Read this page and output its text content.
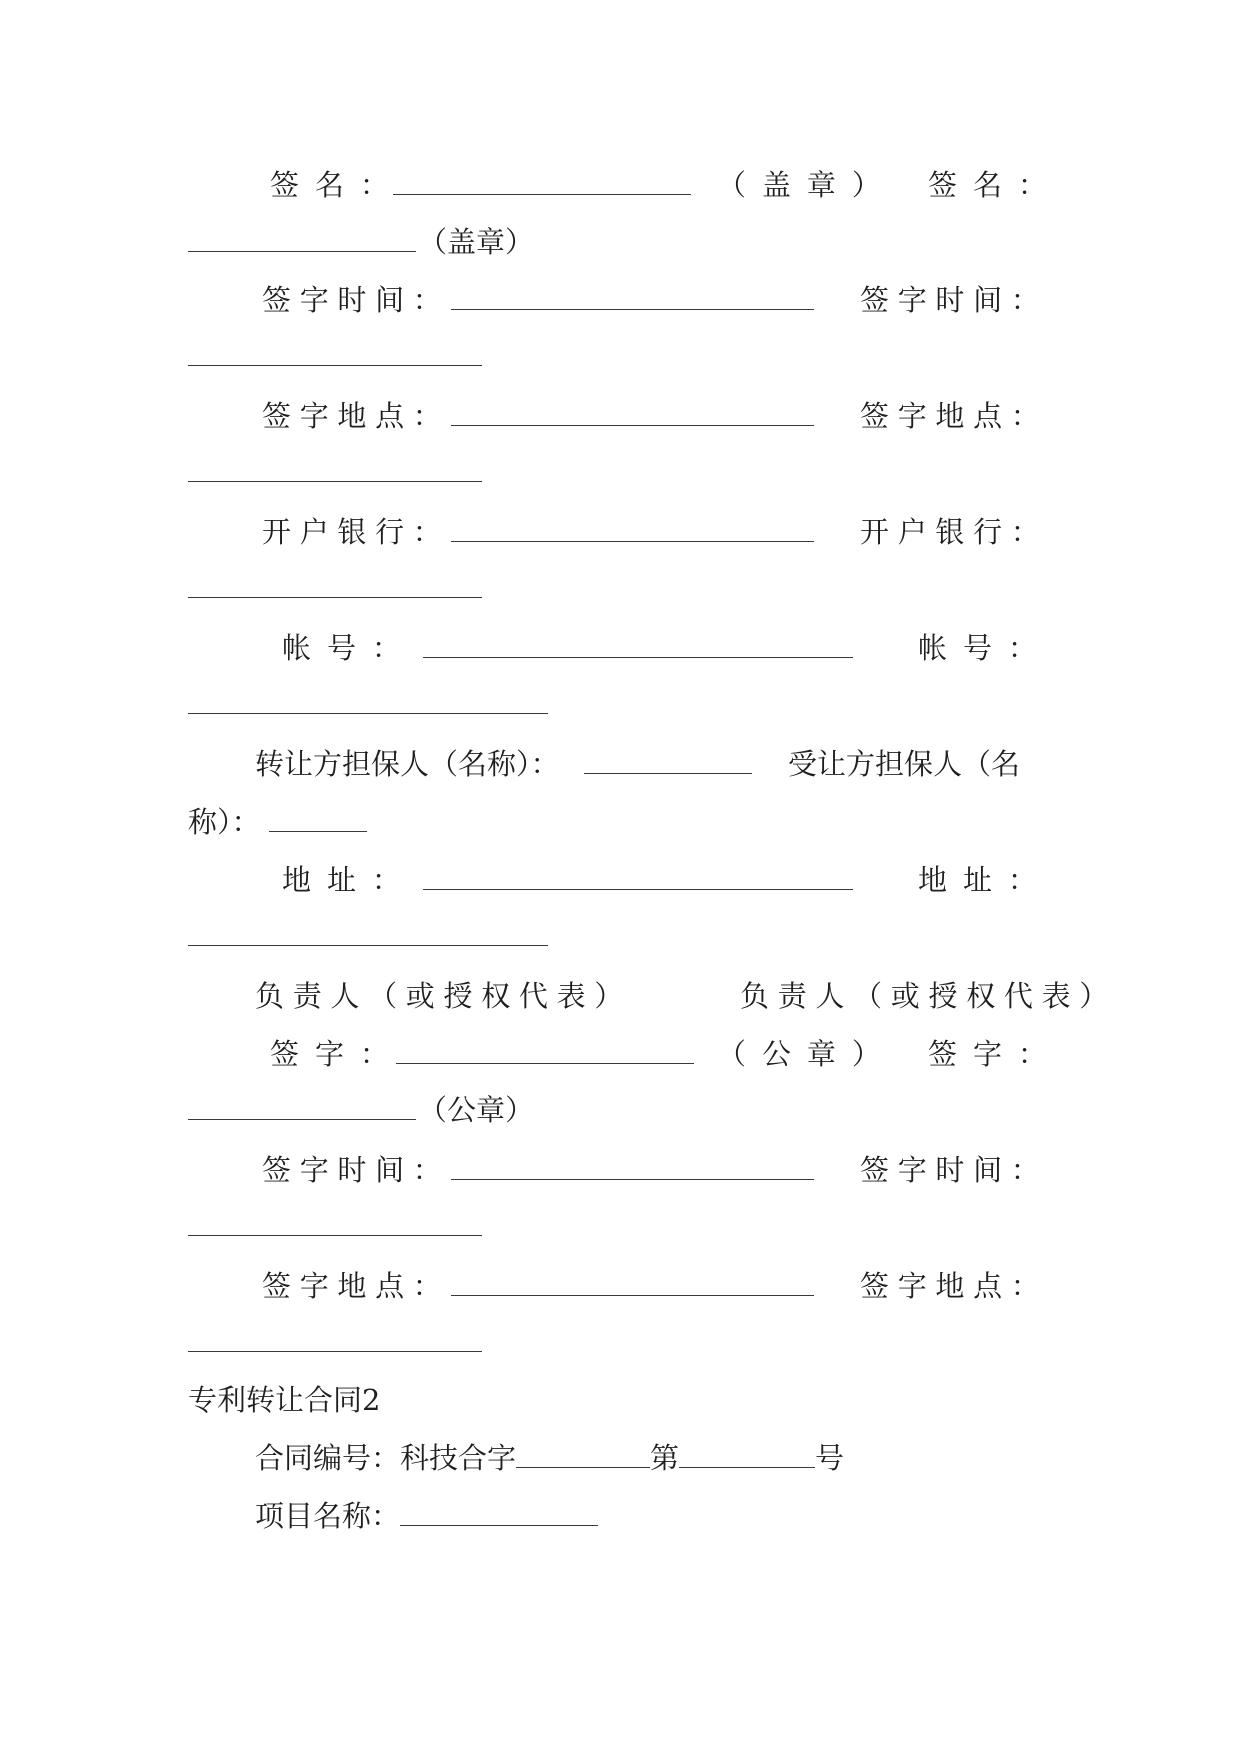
签名：	（盖章） 签名：
（盖章）
签字时间：	签字时间：
签字地点：	签字地点：
开户银行：	开户银行：
帐号：	帐号：
转让方担保人（名称）：	受让方担保人（名
称）：
地址：	地址：
负责人（或授权代表）	负责人（或授权代表）
签字：	（公章） 签字：
（公章）
签字时间：	签字时间：
签字地点：	签字地点：
专利转让合同2
合同编号：科技合字	第	号
项目名称：
